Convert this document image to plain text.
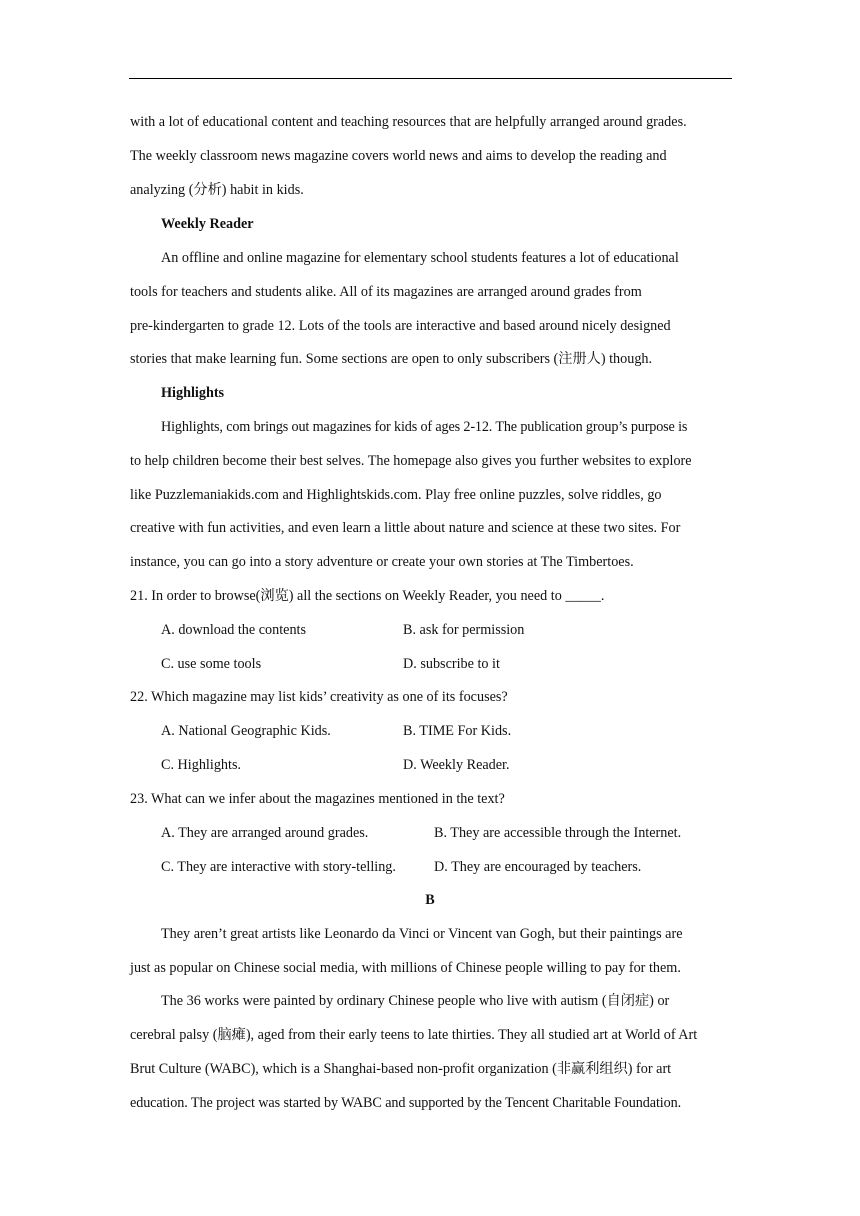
with a lot of educational content and teaching resources that are helpfully arranged around grades.
The weekly classroom news magazine covers world news and aims to develop the reading and
analyzing (分析) habit in kids.
Weekly Reader
An offline and online magazine for elementary school students features a lot of educational
tools for teachers and students alike. All of its magazines are arranged around grades from
pre-kindergarten to grade 12. Lots of the tools are interactive and based around nicely designed
stories that make learning fun. Some sections are open to only subscribers (注册人) though.
Highlights
Highlights, com brings out magazines for kids of ages 2-12. The publication group’s purpose is
to help children become their best selves. The homepage also gives you further websites to explore
like Puzzlemaniakids.com and Highlightskids.com. Play free online puzzles, solve riddles, go
creative with fun activities, and even learn a little about nature and science at these two sites. For
instance, you can go into a story adventure or create your own stories at The Timbertoes.
21. In order to browse(浏览) all the sections on Weekly Reader, you need to _____.
A. download the contents	B. ask for permission
C. use some tools	D. subscribe to it
22. Which magazine may list kids’ creativity as one of its focuses?
A. National Geographic Kids.	B. TIME For Kids.
C. Highlights.	D. Weekly Reader.
23. What can we infer about the magazines mentioned in the text?
A. They are arranged around grades.	B. They are accessible through the Internet.
C. They are interactive with story-telling.	D. They are encouraged by teachers.
B
They aren’t great artists like Leonardo da Vinci or Vincent van Gogh, but their paintings are
just as popular on Chinese social media, with millions of Chinese people willing to pay for them.
The 36 works were painted by ordinary Chinese people who live with autism (自闭症) or
cerebral palsy (脑瘫), aged from their early teens to late thirties. They all studied art at World of Art
Brut Culture (WABC), which is a Shanghai-based non-profit organization (非赢利组织) for art
education. The project was started by WABC and supported by the Tencent Charitable Foundation.
